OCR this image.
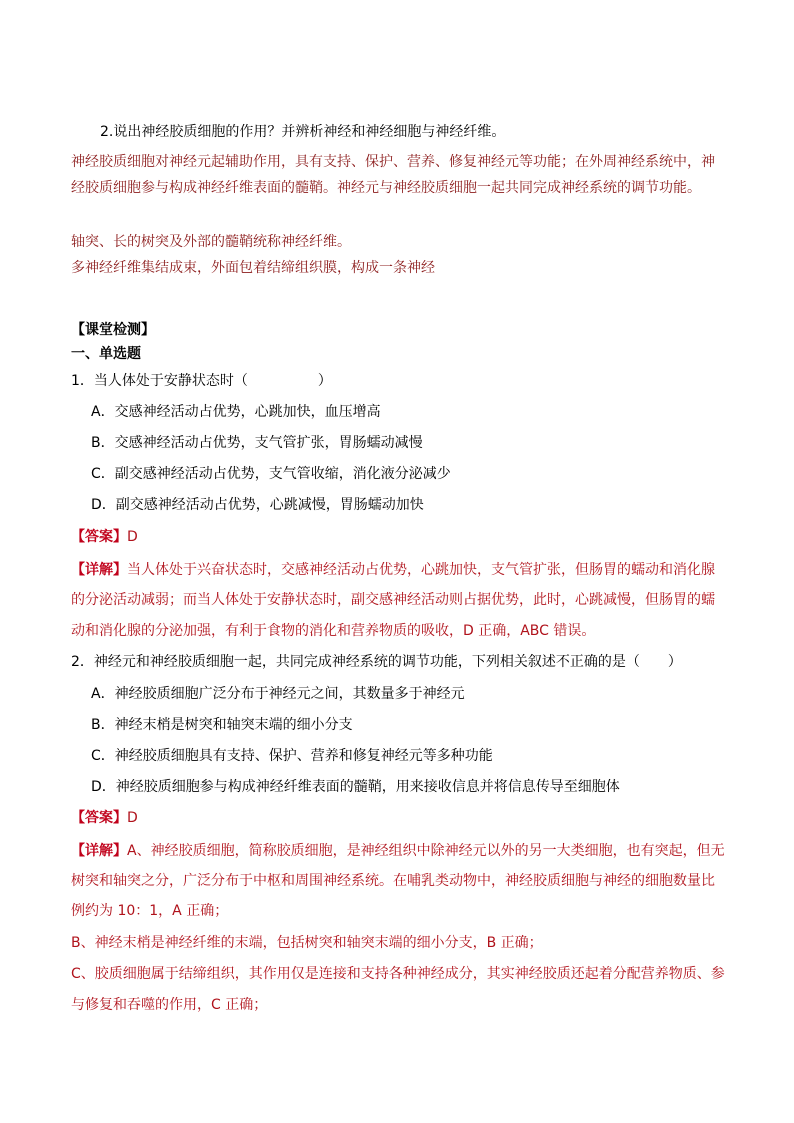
2.说出神经胶质细胞的作用？并辨析神经和神经细胞与神经纤维。
神经胶质细胞对神经元起辅助作用，具有支持、保护、营养、修复神经元等功能；在外周神经系统中，神
经胶质细胞参与构成神经纤维表面的髓鞘。神经元与神经胶质细胞一起共同完成神经系统的调节功能。
轴突、长的树突及外部的髓鞘统称神经纤维。
多神经纤维集结成束，外面包着结缔组织膜，构成一条神经
【课堂检测】
一、单选题
1．当人体处于安静状态时（　　　　　）
A．交感神经活动占优势，心跳加快，血压增高
B．交感神经活动占优势，支气管扩张，胃肠蠕动减慢
C．副交感神经活动占优势，支气管收缩，消化液分泌减少
D．副交感神经活动占优势，心跳减慢，胃肠蠕动加快
【答案】D
【详解】当人体处于兴奋状态时，交感神经活动占优势，心跳加快，支气管扩张，但肠胃的蠕动和消化腺
的分泌活动减弱；而当人体处于安静状态时，副交感神经活动则占据优势，此时，心跳减慢，但肠胃的蠕
动和消化腺的分泌加强，有利于食物的消化和营养物质的吸收，D 正确，ABC 错误。
2．神经元和神经胶质细胞一起，共同完成神经系统的调节功能，下列相关叙述不正确的是（　　）
A．神经胶质细胞广泛分布于神经元之间，其数量多于神经元
B．神经末梢是树突和轴突末端的细小分支
C．神经胶质细胞具有支持、保护、营养和修复神经元等多种功能
D．神经胶质细胞参与构成神经纤维表面的髓鞘，用来接收信息并将信息传导至细胞体
【答案】D
【详解】A、神经胶质细胞，简称胶质细胞，是神经组织中除神经元以外的另一大类细胞，也有突起，但无
树突和轴突之分，广泛分布于中枢和周围神经系统。在哺乳类动物中，神经胶质细胞与神经的细胞数量比
例约为 10：1，A 正确；
B、神经末梢是神经纤维的末端，包括树突和轴突末端的细小分支，B 正确；
C、胶质细胞属于结缔组织，其作用仅是连接和支持各种神经成分，其实神经胶质还起着分配营养物质、参
与修复和吞噬的作用，C 正确；
